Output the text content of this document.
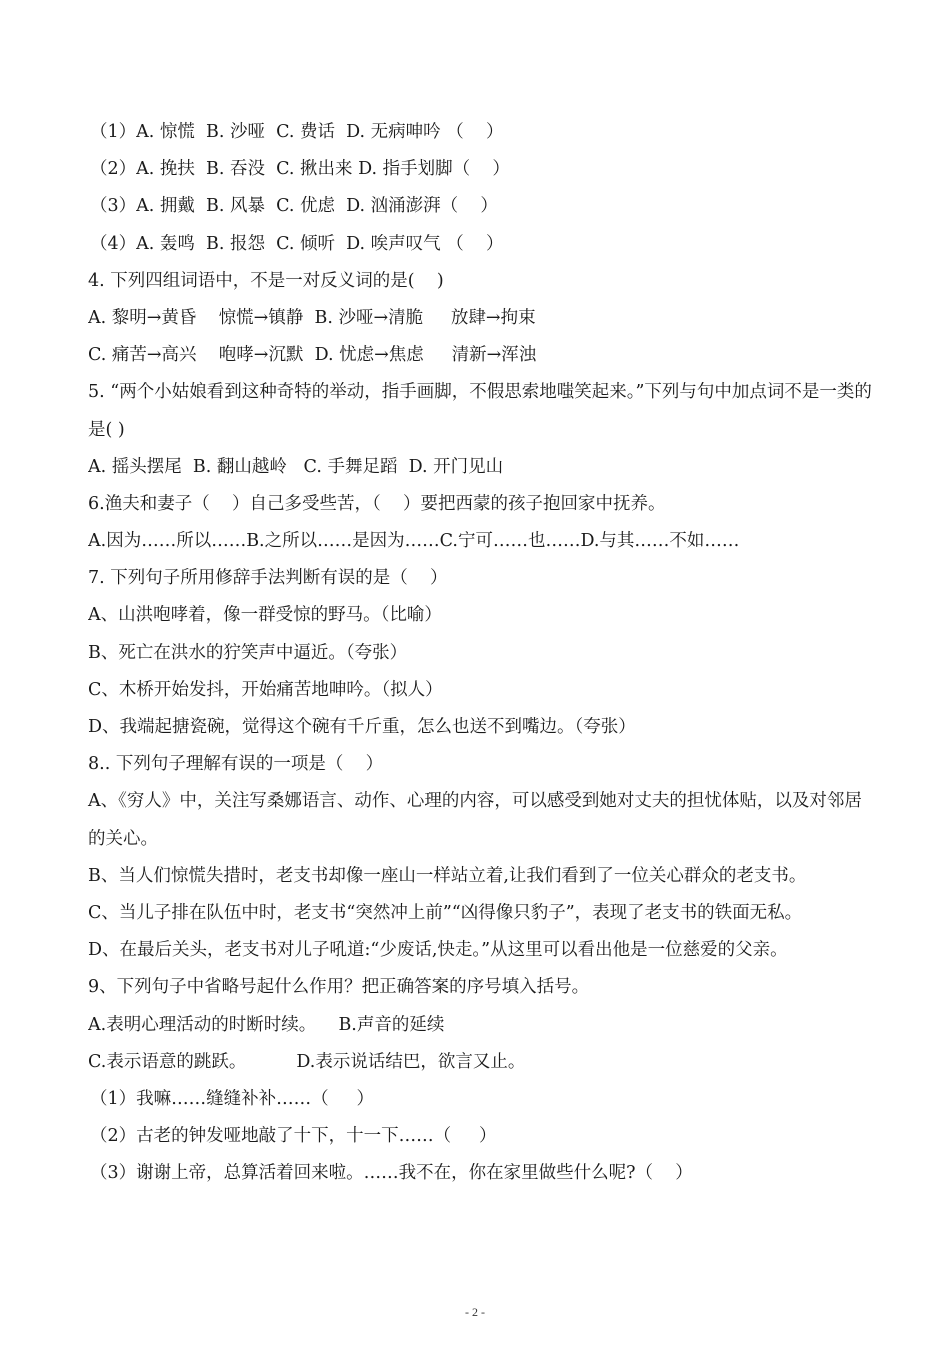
（1）A. 惊慌  B. 沙哑  C. 费话  D. 无病呻吟 （    ）
（2）A. 挽扶  B. 吞没  C. 揪出来 D. 指手划脚（    ）
（3）A. 拥戴  B. 风暴  C. 优虑  D. 汹涌澎湃（    ）
（4）A. 轰鸣  B. 报怨  C. 倾听  D. 唉声叹气 （    ）
4. 下列四组词语中，不是一对反义词的是(    )
A. 黎明→黄昏    惊慌→镇静  B. 沙哑→清脆     放肆→拘束
C. 痛苦→高兴    咆哮→沉默  D. 忧虑→焦虑     清新→浑浊
5. “两个小姑娘看到这种奇特的举动，指手画脚，不假思索地嗤笑起来。”下列与句中加点词不是一类的是( )
A. 摇头摆尾  B. 翻山越岭   C. 手舞足蹈  D. 开门见山
6.渔夫和妻子（    ）自己多受些苦，（    ）要把西蒙的孩子抱回家中抚养。
A.因为……所以……B.之所以……是因为……C.宁可……也……D.与其……不如……
7. 下列句子所用修辞手法判断有误的是（    ）
A、山洪咆哮着，像一群受惊的野马。（比喻）
B、死亡在洪水的狞笑声中逼近。（夸张）
C、木桥开始发抖，开始痛苦地呻吟。（拟人）
D、我端起搪瓷碗，觉得这个碗有千斤重，怎么也送不到嘴边。（夸张）
8.. 下列句子理解有误的一项是（    ）
A、《穷人》中，关注写桑娜语言、动作、心理的内容，可以感受到她对丈夫的担忧体贴，以及对邻居的关心。
B、当人们惊慌失措时，老支书却像一座山一样站立着,让我们看到了一位关心群众的老支书。
C、当儿子排在队伍中时，老支书“突然冲上前”“凶得像只豹子”，表现了老支书的铁面无私。
D、在最后关头，老支书对儿子吼道:“少废话,快走。”从这里可以看出他是一位慈爱的父亲。
9、下列句子中省略号起什么作用？把正确答案的序号填入括号。
A.表明心理活动的时断时续。    B.声音的延续
C.表示语意的跳跃。         D.表示说话结巴，欲言又止。
（1）我嘛……缝缝补补……（     ）
（2）古老的钟发哑地敲了十下，十一下……（     ）
（3）谢谢上帝，总算活着回来啦。……我不在，你在家里做些什么呢?（    ）
- 2 -
